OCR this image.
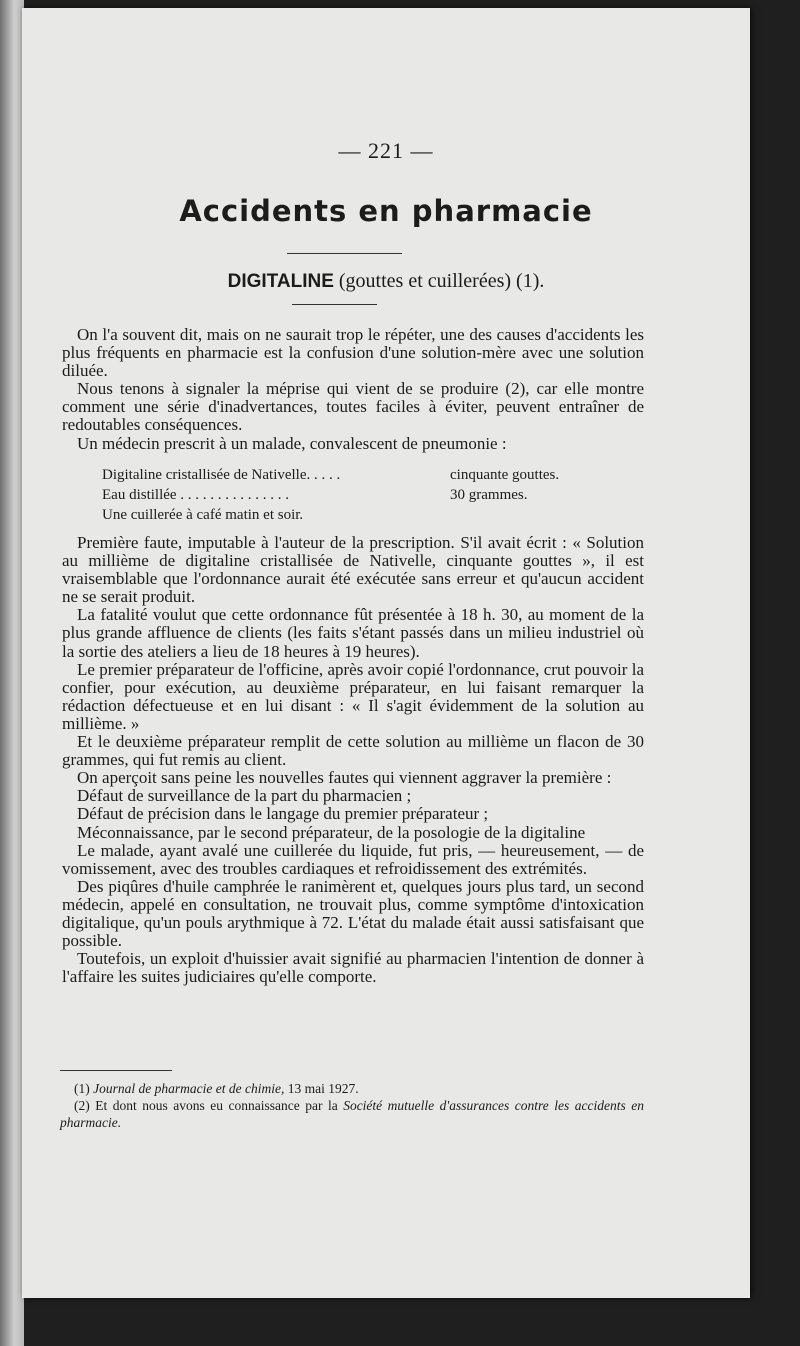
— 221 —
Accidents en pharmacie
DIGITALINE (gouttes et cuillerées) (1).

On l'a souvent dit, mais on ne saurait trop le répéter, une des causes d'accidents les plus fréquents en pharmacie est la confusion d'une solution-mère avec une solution diluée.

Nous tenons à signaler la méprise qui vient de se produire (2), car elle montre comment une série d'inadvertances, toutes faciles à éviter, peuvent entraîner de redoutables conséquences.

Un médecin prescrit à un malade, convalescent de pneumonie :

Digitaline cristallisée de Nativelle. . . . .	cinquante gouttes.
Eau distillée . . . . . . . . . . . . . . .	30 grammes.
Une cuillerée à café matin et soir.

Première faute, imputable à l'auteur de la prescription. S'il avait écrit : « Solution au millième de digitaline cristallisée de Nativelle, cinquante gouttes », il est vraisemblable que l'ordonnance aurait été exécutée sans erreur et qu'aucun accident ne se serait produit.

La fatalité voulut que cette ordonnance fût présentée à 18 h. 30, au moment de la plus grande affluence de clients (les faits s'étant passés dans un milieu industriel où la sortie des ateliers a lieu de 18 heures à 19 heures).

Le premier préparateur de l'officine, après avoir copié l'ordonnance, crut pouvoir la confier, pour exécution, au deuxième préparateur, en lui faisant remarquer la rédaction défectueuse et en lui disant : « Il s'agit évidemment de la solution au millième. »

Et le deuxième préparateur remplit de cette solution au millième un flacon de 30 grammes, qui fut remis au client.

On aperçoit sans peine les nouvelles fautes qui viennent aggraver la première :

Défaut de surveillance de la part du pharmacien ;

Défaut de précision dans le langage du premier préparateur ;

Méconnaissance, par le second préparateur, de la posologie de la digitaline

Le malade, ayant avalé une cuillerée du liquide, fut pris, — heureusement, — de vomissement, avec des troubles cardiaques et refroidissement des extrémités.

Des piqûres d'huile camphrée le ranimèrent et, quelques jours plus tard, un second médecin, appelé en consultation, ne trouvait plus, comme symptôme d'intoxication digitalique, qu'un pouls arythmique à 72. L'état du malade était aussi satisfaisant que possible.

Toutefois, un exploit d'huissier avait signifié au pharmacien l'intention de donner à l'affaire les suites judiciaires qu'elle comporte.

(1) Journal de pharmacie et de chimie, 13 mai 1927.

(2) Et dont nous avons eu connaissance par la Société mutuelle d'assurances contre les accidents en pharmacie.
